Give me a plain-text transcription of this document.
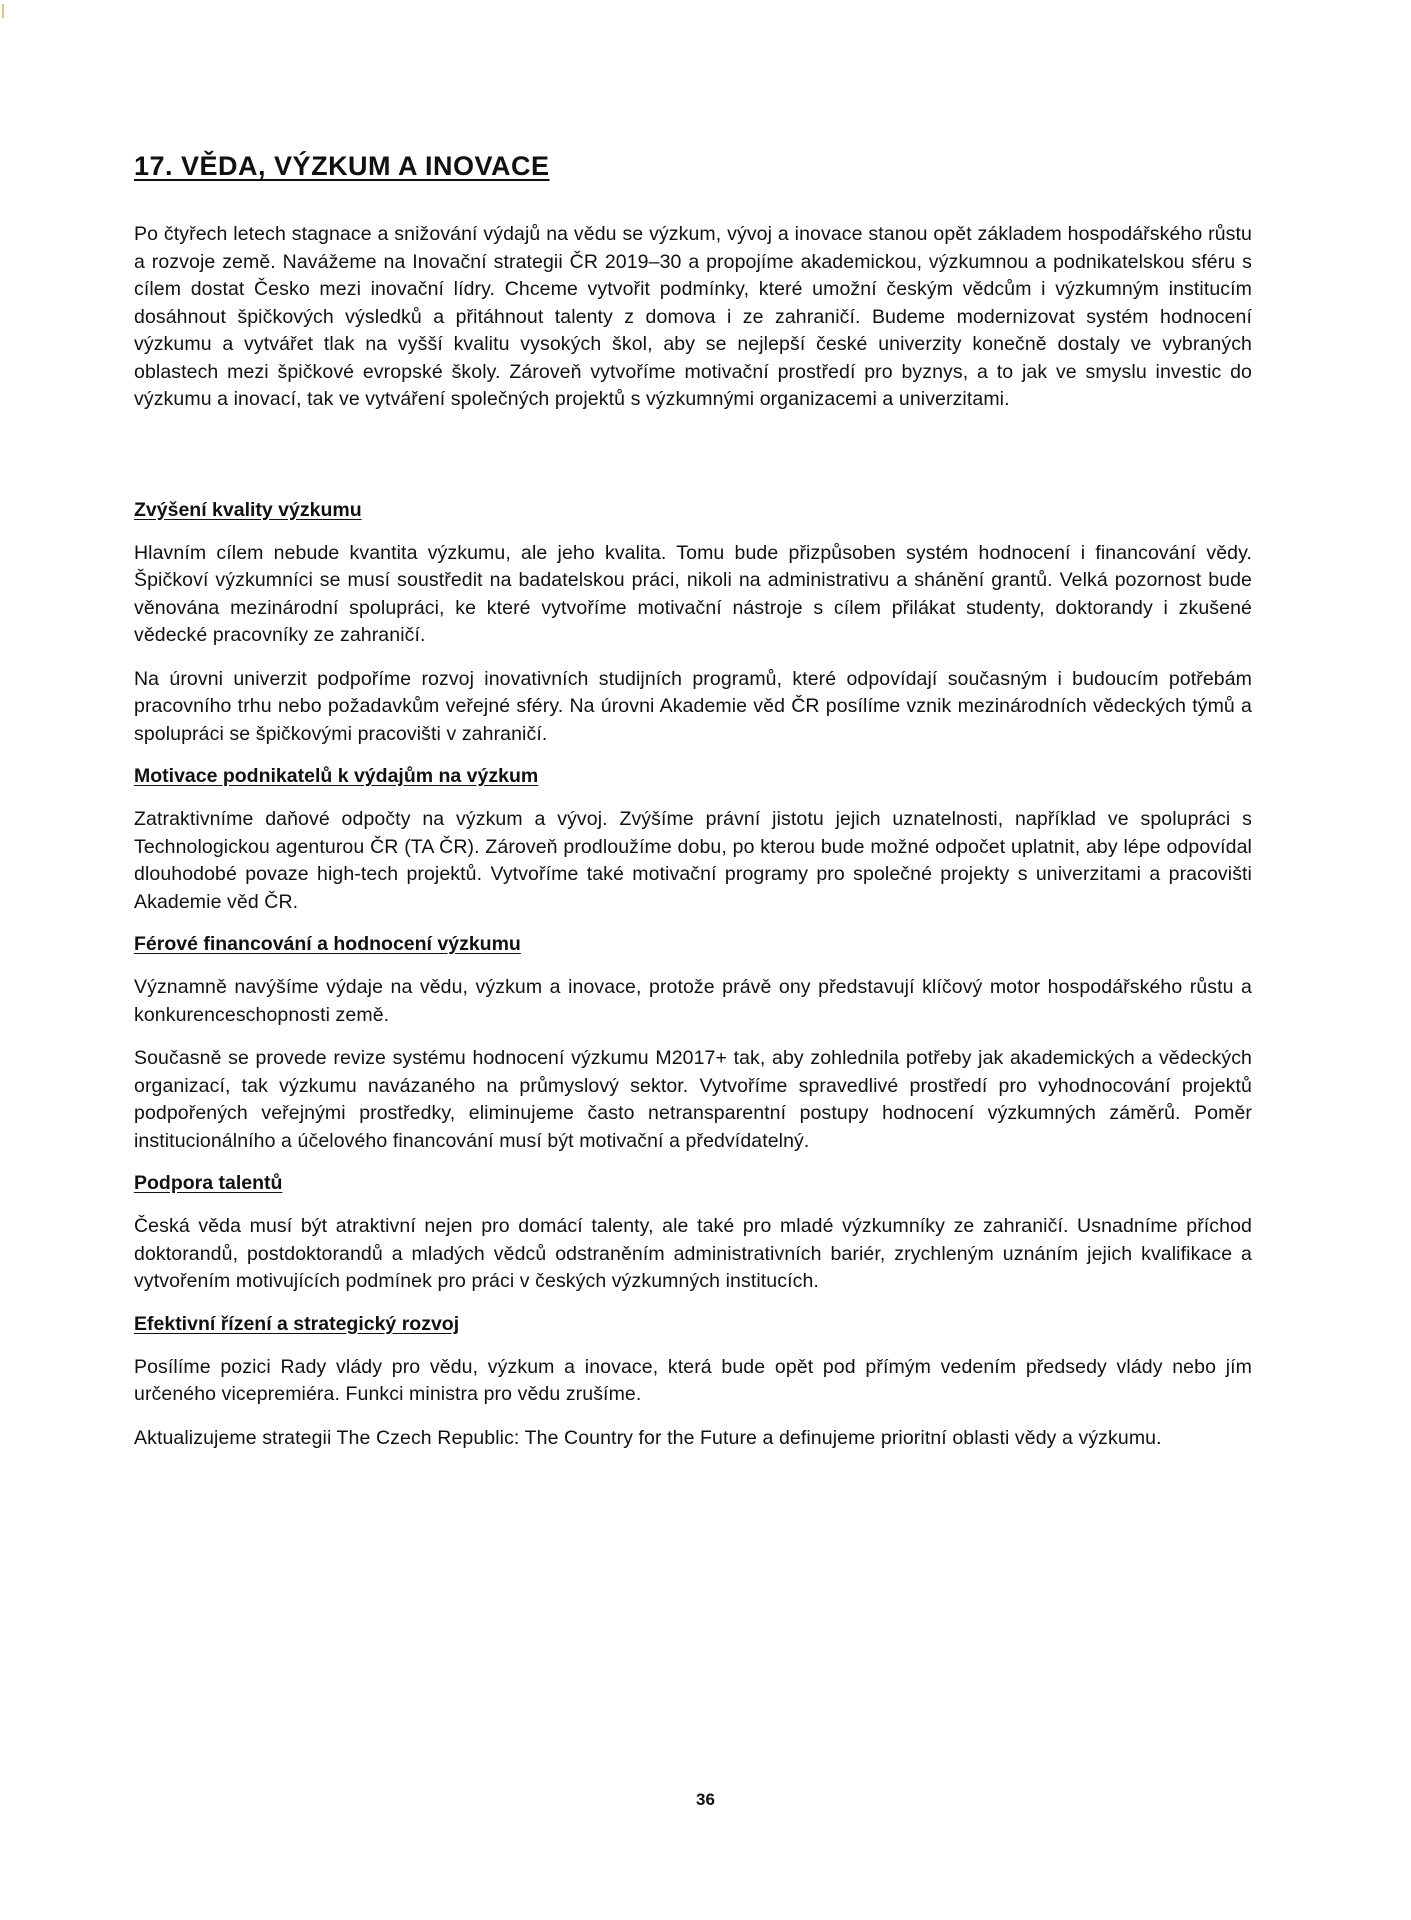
17. VĚDA, VÝZKUM A INOVACE

Po čtyřech letech stagnace a snižování výdajů na vědu se výzkum, vývoj a inovace stanou opět základem hospodářského růstu a rozvoje země. Navážeme na Inovační strategii ČR 2019–30 a propojíme akademickou, výzkumnou a podnikatelskou sféru s cílem dostat Česko mezi inovační lídry. Chceme vytvořit podmínky, které umožní českým vědcům i výzkumným institucím dosáhnout špičkových výsledků a přitáhnout talenty z domova i ze zahraničí. Budeme modernizovat systém hodnocení výzkumu a vytvářet tlak na vyšší kvalitu vysokých škol, aby se nejlepší české univerzity konečně dostaly ve vybraných oblastech mezi špičkové evropské školy. Zároveň vytvoříme motivační prostředí pro byznys, a to jak ve smyslu investic do výzkumu a inovací, tak ve vytváření společných projektů s výzkumnými organizacemi a univerzitami.

Zvýšení kvality výzkumu

Hlavním cílem nebude kvantita výzkumu, ale jeho kvalita. Tomu bude přizpůsoben systém hodnocení i financování vědy. Špičkoví výzkumníci se musí soustředit na badatelskou práci, nikoli na administrativu a shánění grantů. Velká pozornost bude věnována mezinárodní spolupráci, ke které vytvoříme motivační nástroje s cílem přilákat studenty, doktorandy i zkušené vědecké pracovníky ze zahraničí.

Na úrovni univerzit podpoříme rozvoj inovativních studijních programů, které odpovídají současným i budoucím potřebám pracovního trhu nebo požadavkům veřejné sféry. Na úrovni Akademie věd ČR posílíme vznik mezinárodních vědeckých týmů a spolupráci se špičkovými pracovišti v zahraničí.

Motivace podnikatelů k výdajům na výzkum

Zatraktivníme daňové odpočty na výzkum a vývoj. Zvýšíme právní jistotu jejich uznatelnosti, například ve spolupráci s Technologickou agenturou ČR (TA ČR). Zároveň prodloužíme dobu, po kterou bude možné odpočet uplatnit, aby lépe odpovídal dlouhodobé povaze high-tech projektů. Vytvoříme také motivační programy pro společné projekty s univerzitami a pracovišti Akademie věd ČR.

Férové financování a hodnocení výzkumu

Významně navýšíme výdaje na vědu, výzkum a inovace, protože právě ony představují klíčový motor hospodářského růstu a konkurenceschopnosti země.

Současně se provede revize systému hodnocení výzkumu M2017+ tak, aby zohlednila potřeby jak akademických a vědeckých organizací, tak výzkumu navázaného na průmyslový sektor. Vytvoříme spravedlivé prostředí pro vyhodnocování projektů podpořených veřejnými prostředky, eliminujeme často netransparentní postupy hodnocení výzkumných záměrů. Poměr institucionálního a účelového financování musí být motivační a předvídatelný.

Podpora talentů

Česká věda musí být atraktivní nejen pro domácí talenty, ale také pro mladé výzkumníky ze zahraničí. Usnadníme příchod doktorandů, postdoktorandů a mladých vědců odstraněním administrativních bariér, zrychleným uznáním jejich kvalifikace a vytvořením motivujících podmínek pro práci v českých výzkumných institucích.

Efektivní řízení a strategický rozvoj

Posílíme pozici Rady vlády pro vědu, výzkum a inovace, která bude opět pod přímým vedením předsedy vlády nebo jím určeného vicepremiéra. Funkci ministra pro vědu zrušíme.

Aktualizujeme strategii The Czech Republic: The Country for the Future a definujeme prioritní oblasti vědy a výzkumu.

36
